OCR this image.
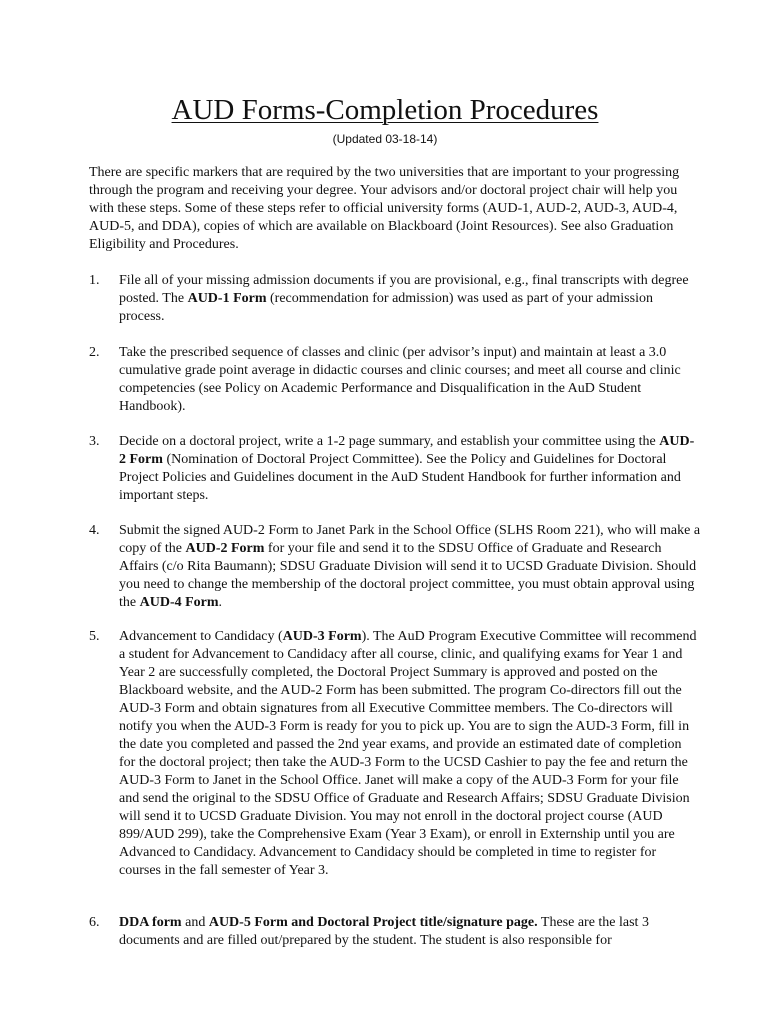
AUD Forms-Completion Procedures
(Updated 03-18-14)

There are specific markers that are required by the two universities that are important to your progressing through the program and receiving your degree. Your advisors and/or doctoral project chair will help you with these steps. Some of these steps refer to official university forms (AUD-1, AUD-2, AUD-3, AUD-4, AUD-5, and DDA), copies of which are available on Blackboard (Joint Resources). See also Graduation Eligibility and Procedures.

1.	File all of your missing admission documents if you are provisional, e.g., final transcripts with degree posted. The AUD-1 Form (recommendation for admission) was used as part of your admission process.
2.	Take the prescribed sequence of classes and clinic (per advisor’s input) and maintain at least a 3.0 cumulative grade point average in didactic courses and clinic courses; and meet all course and clinic competencies (see Policy on Academic Performance and Disqualification in the AuD Student Handbook).
3.	Decide on a doctoral project, write a 1-2 page summary, and establish your committee using the AUD-2 Form (Nomination of Doctoral Project Committee). See the Policy and Guidelines for Doctoral Project Policies and Guidelines document in the AuD Student Handbook for further information and important steps.
4.	Submit the signed AUD-2 Form to Janet Park in the School Office (SLHS Room 221), who will make a copy of the AUD-2 Form for your file and send it to the SDSU Office of Graduate and Research Affairs (c/o Rita Baumann); SDSU Graduate Division will send it to UCSD Graduate Division. Should you need to change the membership of the doctoral project committee, you must obtain approval using the AUD-4 Form.
5.	Advancement to Candidacy (AUD-3 Form). The AuD Program Executive Committee will recommend a student for Advancement to Candidacy after all course, clinic, and qualifying exams for Year 1 and Year 2 are successfully completed, the Doctoral Project Summary is approved and posted on the Blackboard website, and the AUD-2 Form has been submitted. The program Co-directors fill out the AUD-3 Form and obtain signatures from all Executive Committee members. The Co-directors will notify you when the AUD-3 Form is ready for you to pick up. You are to sign the AUD-3 Form, fill in the date you completed and passed the 2nd year exams, and provide an estimated date of completion for the doctoral project; then take the AUD-3 Form to the UCSD Cashier to pay the fee and return the AUD-3 Form to Janet in the School Office. Janet will make a copy of the AUD-3 Form for your file and send the original to the SDSU Office of Graduate and Research Affairs; SDSU Graduate Division will send it to UCSD Graduate Division. You may not enroll in the doctoral project course (AUD 899/AUD 299), take the Comprehensive Exam (Year 3 Exam), or enroll in Externship until you are Advanced to Candidacy. Advancement to Candidacy should be completed in time to register for courses in the fall semester of Year 3.
6.	DDA form and AUD-5 Form and Doctoral Project title/signature page. These are the last 3 documents and are filled out/prepared by the student. The student is also responsible for
